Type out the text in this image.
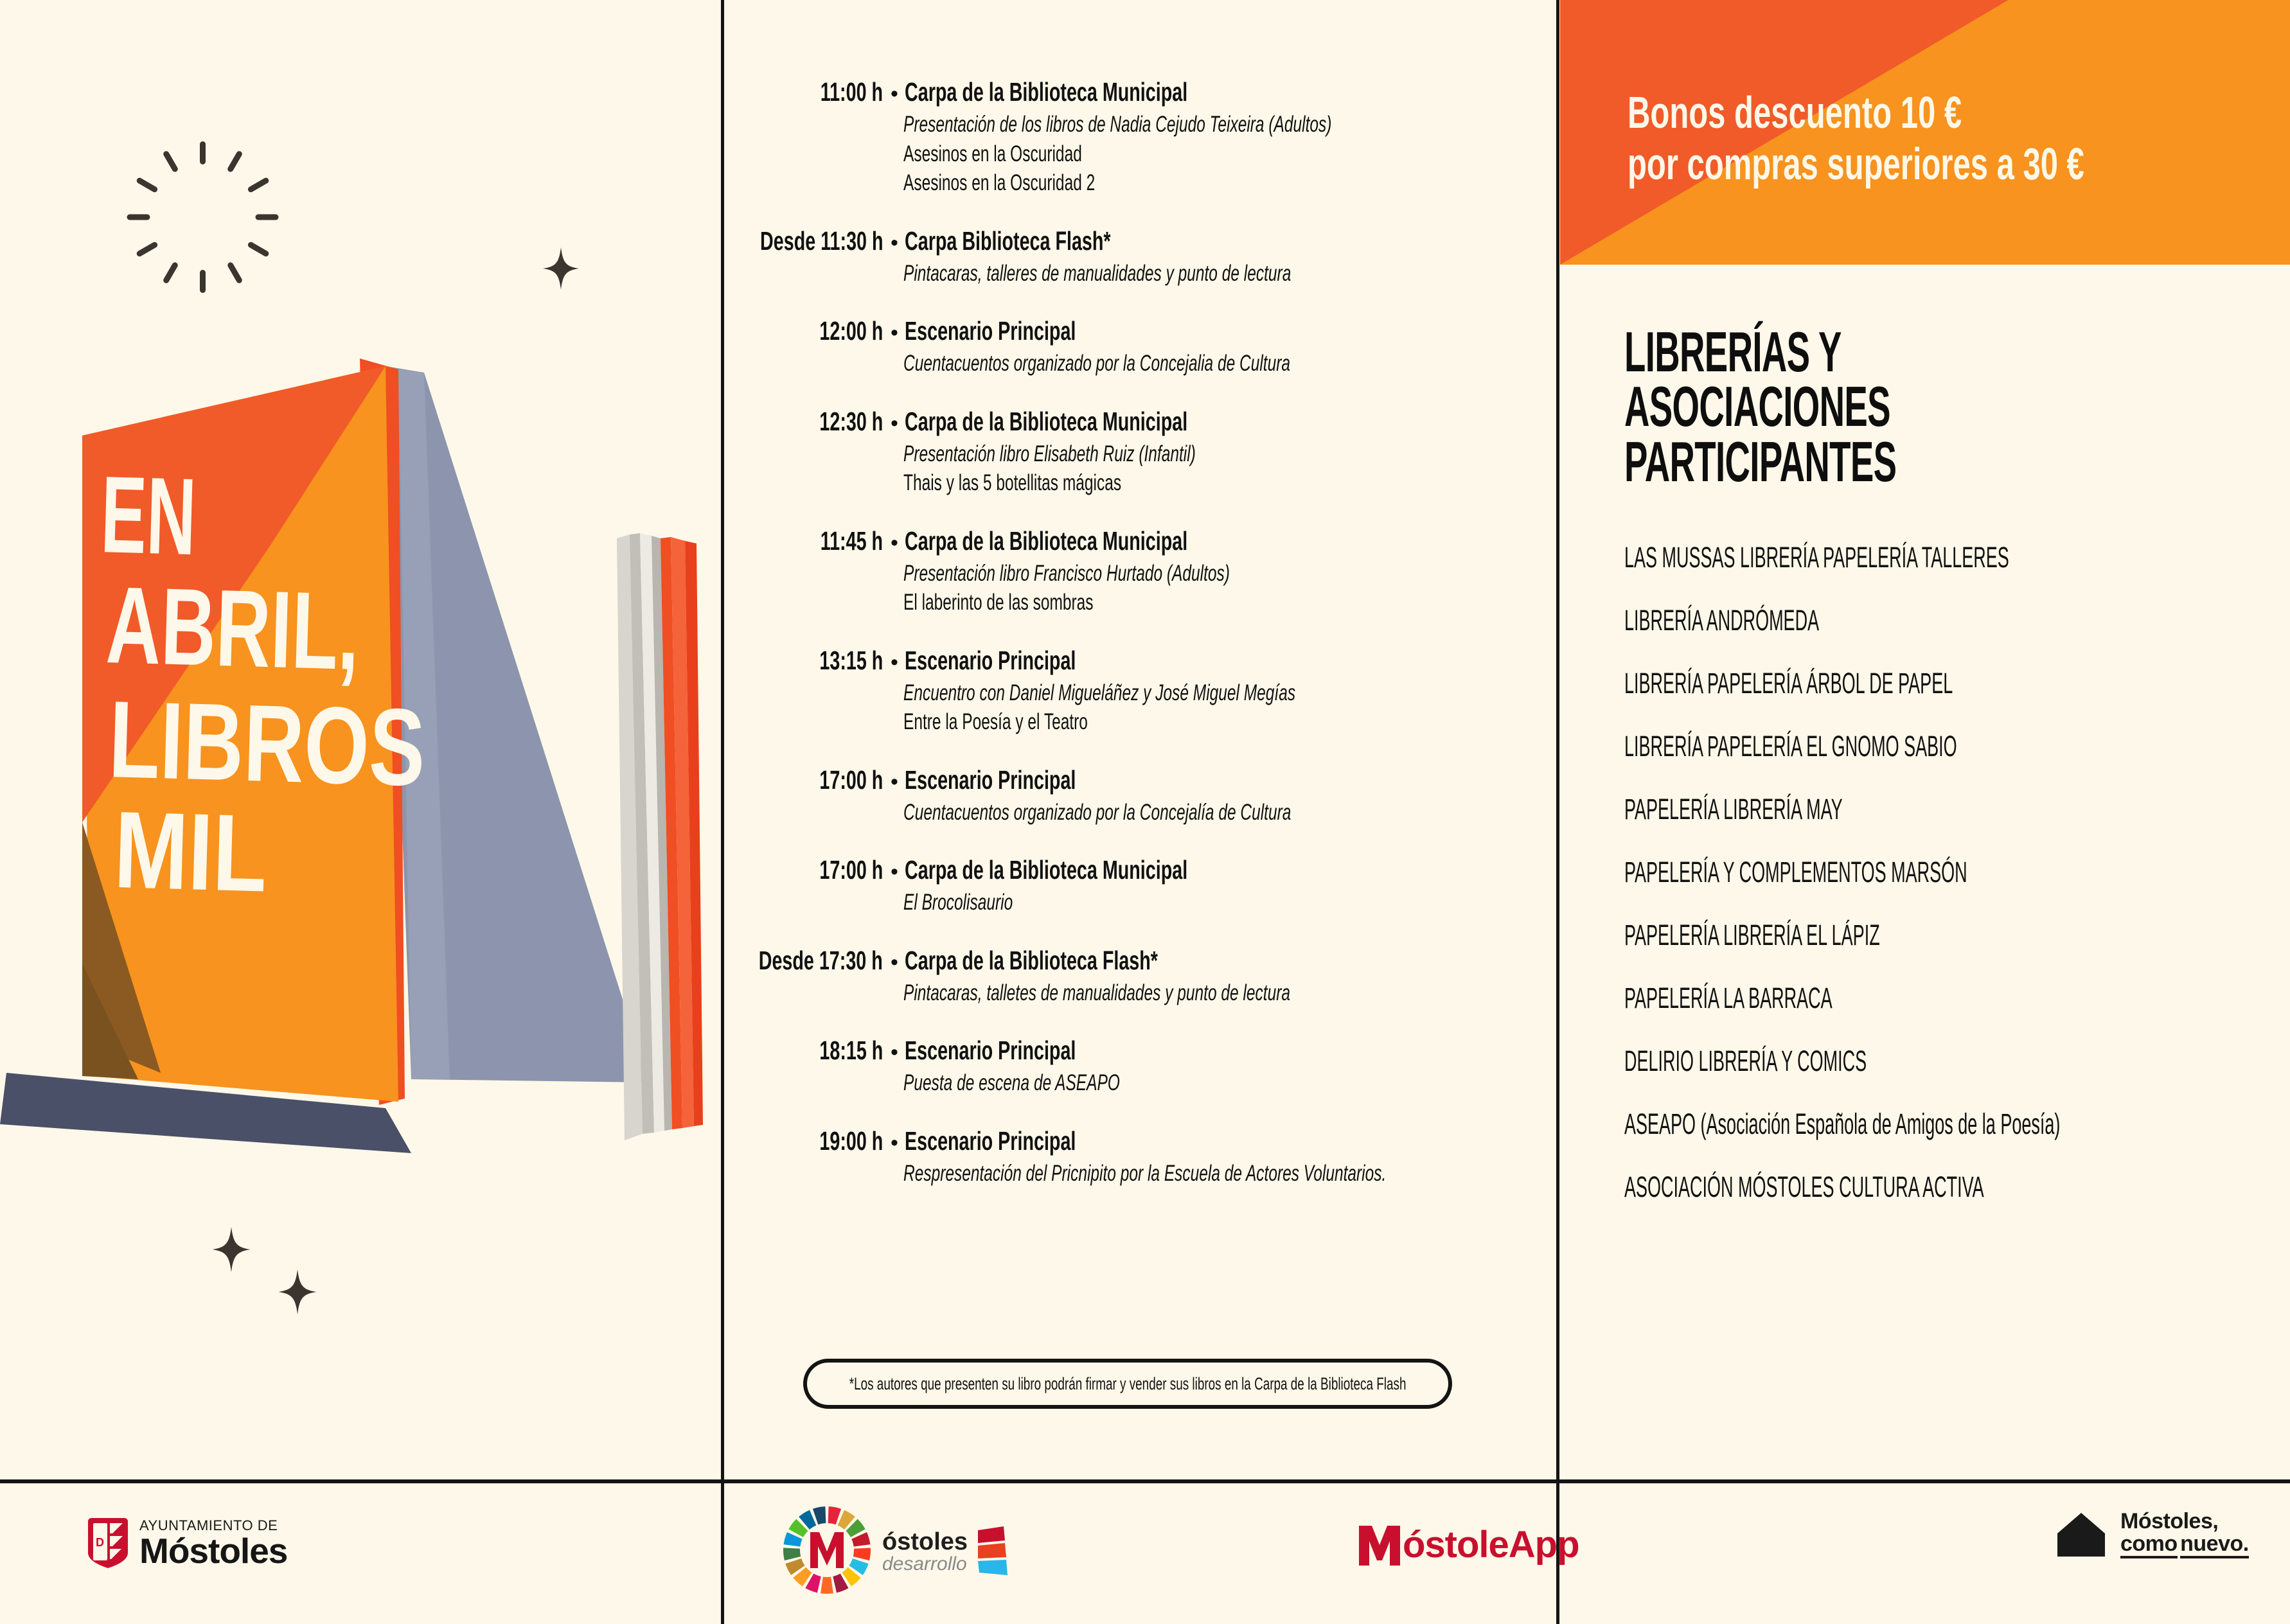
EN
ABRIL,
LIBROS
MIL
11:00 h • Carpa de la Biblioteca Municipal
Presentación de los libros de Nadia Cejudo Teixeira (Adultos)
Asesinos en la Oscuridad
Asesinos en la Oscuridad 2
Desde 11:30 h • Carpa Biblioteca Flash*
Pintacaras, talleres de manualidades y punto de lectura
12:00 h • Escenario Principal
Cuentacuentos organizado por la Concejalia de Cultura
12:30 h • Carpa de la Biblioteca Municipal
Presentación libro Elisabeth Ruiz (Infantil)
Thais y las 5 botellitas mágicas
11:45 h • Carpa de la Biblioteca Municipal
Presentación libro Francisco Hurtado (Adultos)
El laberinto de las sombras
13:15 h • Escenario Principal
Encuentro con Daniel Migueláñez y José Miguel Megías
Entre la Poesía y el Teatro
17:00 h • Escenario Principal
Cuentacuentos organizado por la Concejalía de Cultura
17:00 h • Carpa de la Biblioteca Municipal
El Brocolisaurio
Desde 17:30 h • Carpa de la Biblioteca Flash*
Pintacaras, talletes de manualidades y punto de lectura
18:15 h • Escenario Principal
Puesta de escena de ASEAPO
19:00 h • Escenario Principal
Respresentación del Pricnipito por la Escuela de Actores Voluntarios.
*Los autores que presenten su libro podrán firmar y vender sus libros en la Carpa de la Biblioteca Flash
Bonos descuento 10 €
por compras superiores a 30 €
LIBRERÍAS Y
ASOCIACIONES
PARTICIPANTES
LAS MUSSAS LIBRERÍA PAPELERÍA TALLERES
LIBRERÍA ANDRÓMEDA
LIBRERÍA PAPELERÍA ÁRBOL DE PAPEL
LIBRERÍA PAPELERÍA EL GNOMO SABIO
PAPELERÍA LIBRERÍA MAY
PAPELERÍA Y COMPLEMENTOS MARSÓN
PAPELERÍA LIBRERÍA EL LÁPIZ
PAPELERÍA LA BARRACA
DELIRIO LIBRERÍA Y COMICS
ASEAPO (Asociación Española de Amigos de la Poesía)
ASOCIACIÓN MÓSTOLES CULTURA ACTIVA
D
AYUNTAMIENTO DE
Móstoles	óstoles
desarrollo	óstoleApp
Móstoles,
como nuevo.
